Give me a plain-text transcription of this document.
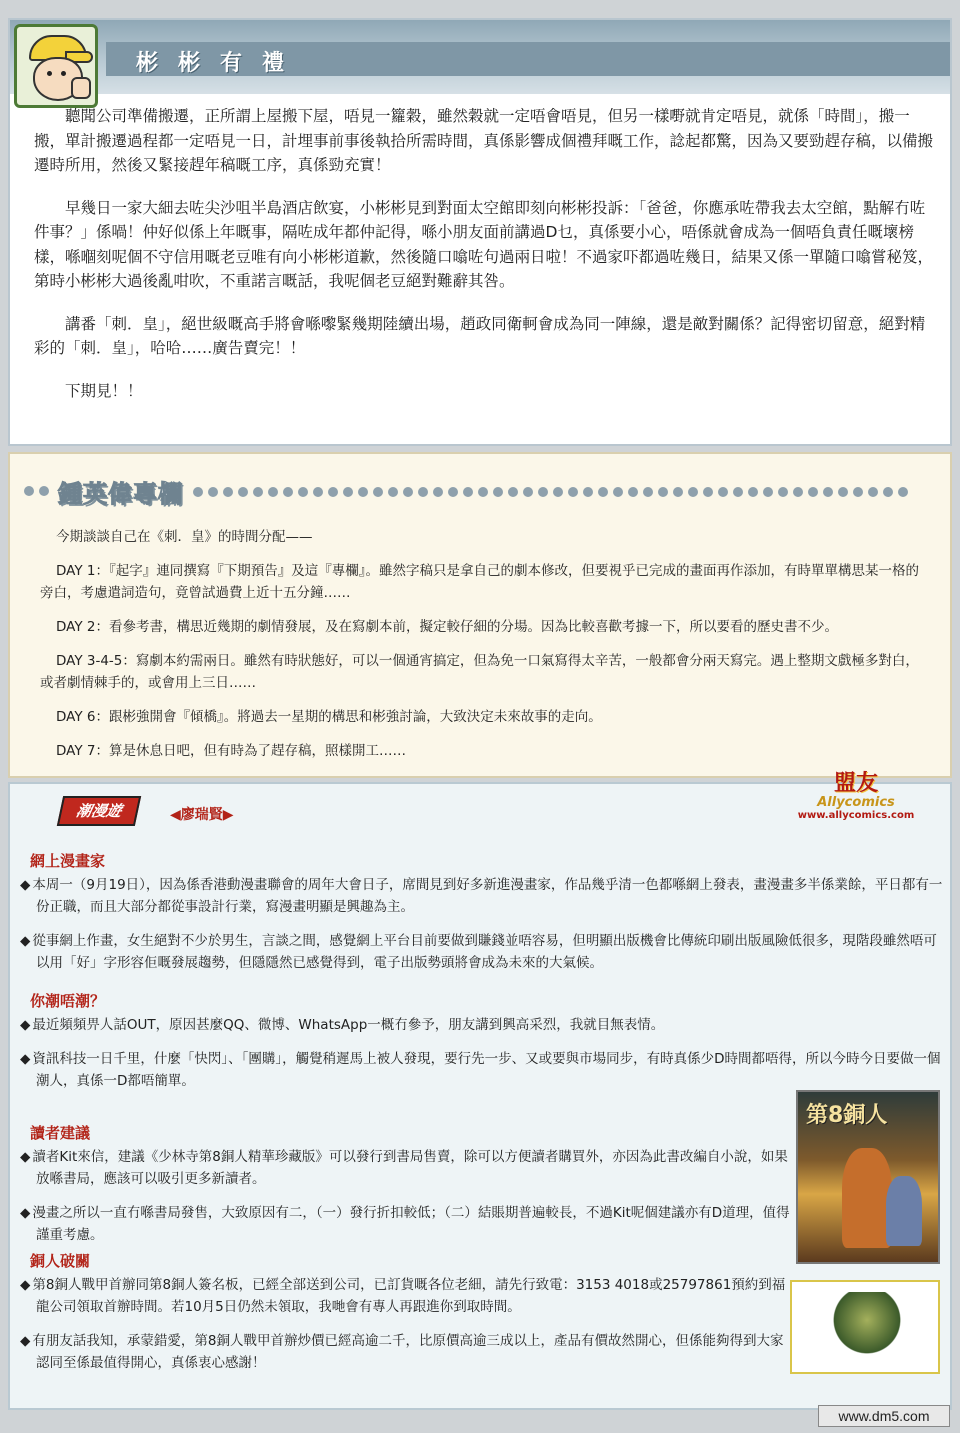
彬彬有禮

聽聞公司準備搬遷，正所謂上屋搬下屋，唔見一籮穀，雖然穀就一定唔會唔見，但另一樣嘢就肯定唔見，就係「時間」，搬一搬，單計搬遷過程都一定唔見一日，計埋事前事後執拾所需時間，真係影響成個禮拜嘅工作，諗起都驚，因為又要勁趕存稿，以備搬遷時所用，然後又緊接趕年稿嘅工序，真係勁充實！

早幾日一家大細去咗尖沙咀半島酒店飲宴，小彬彬見到對面太空館即刻向彬彬投訴：「爸爸，你應承咗帶我去太空館，點解冇咗件事？」係喎！仲好似係上年嘅事，隔咗成年都仲記得，喺小朋友面前講過D乜，真係要小心，唔係就會成為一個唔負責任嘅壞榜樣，喺嗰刻呢個不守信用嘅老豆唯有向小彬彬道歉，然後隨口噏咗句過兩日啦！不過家吓都過咗幾日，結果又係一單隨口噏嘗秘笈，第時小彬彬大過後亂咁吹，不重諾言嘅話，我呢個老豆絕對難辭其咎。

講番「刺．皇」，絕世級嘅高手將會喺嚟緊幾期陸續出場，趙政同衛軻會成為同一陣線，還是敵對關係？記得密切留意，絕對精彩的「刺．皇」，哈哈……廣告賣完！！

下期見！！

鍾英偉專欄

今期談談自己在《刺．皇》的時間分配——

DAY 1：『起字』連同撰寫『下期預告』及這『專欄』。雖然字稿只是拿自己的劇本修改，但要視乎已完成的畫面再作添加，有時單單構思某一格的旁白，考慮遣詞造句，竟曾試過費上近十五分鐘……

DAY 2：看參考書，構思近幾期的劇情發展，及在寫劇本前，擬定較仔細的分場。因為比較喜歡考據一下，所以要看的歷史書不少。

DAY 3-4-5：寫劇本約需兩日。雖然有時狀態好，可以一個通宵搞定，但為免一口氣寫得太辛苦，一般都會分兩天寫完。遇上整期文戲極多對白，或者劇情棘手的，或會用上三日……

DAY 6：跟彬強開會『傾橋』。將過去一星期的構思和彬強討論，大致決定未來故事的走向。

DAY 7：算是休息日吧，但有時為了趕存稿，照樣開工……

潮漫遊	◀廖瑞賢▶
盟友
Allycomics
www.allycomics.com
網上漫畫家
◆ 本周一（9月19日），因為係香港動漫畫聯會的周年大會日子，席間見到好多新進漫畫家，作品幾乎清一色都喺網上發表，畫漫畫多半係業餘，平日都有一份正職，而且大部分都從事設計行業，寫漫畫明顯是興趣為主。
◆ 從事網上作畫，女生絕對不少於男生，言談之間，感覺網上平台目前要做到賺錢並唔容易，但明顯出版機會比傳統印刷出版風險低很多，現階段雖然唔可以用「好」字形容佢嘅發展趨勢，但隱隱然已感覺得到，電子出版勢頭將會成為未來的大氣候。
你潮唔潮？
◆ 最近頻頻畀人話OUT，原因甚麼QQ、微博、WhatsApp一概冇參予，朋友講到興高采烈，我就目無表情。
◆ 資訊科技一日千里，什麼「快閃」、「團購」，觸覺稍遲馬上被人發現，要行先一步、又或要與市場同步，有時真係少D時間都唔得，所以今時今日要做一個潮人，真係一D都唔簡單。
讀者建議
◆ 讀者Kit來信，建議《少林寺第8銅人精華珍藏版》可以發行到書局售賣，除可以方便讀者購買外，亦因為此書改編自小說，如果放喺書局，應該可以吸引更多新讀者。
◆ 漫畫之所以一直冇喺書局發售，大致原因有二，（一）發行折扣較低；（二）結賬期普遍較長，不過Kit呢個建議亦有D道理，值得謹重考慮。
銅人破關
◆ 第8銅人戰甲首辦同第8銅人簽名板，已經全部送到公司，已訂貨嘅各位老細，請先行致電：3153 4018或25797861預約到福龍公司領取首辦時間。若10月5日仍然未領取，我哋會有專人再跟進你到取時間。
◆ 有朋友話我知，承蒙錯愛，第8銅人戰甲首辦炒價已經高逾二千，比原價高逾三成以上，產品有價故然開心，但係能夠得到大家認同至係最值得開心，真係衷心感謝！
第8銅人
www.dm5.com
